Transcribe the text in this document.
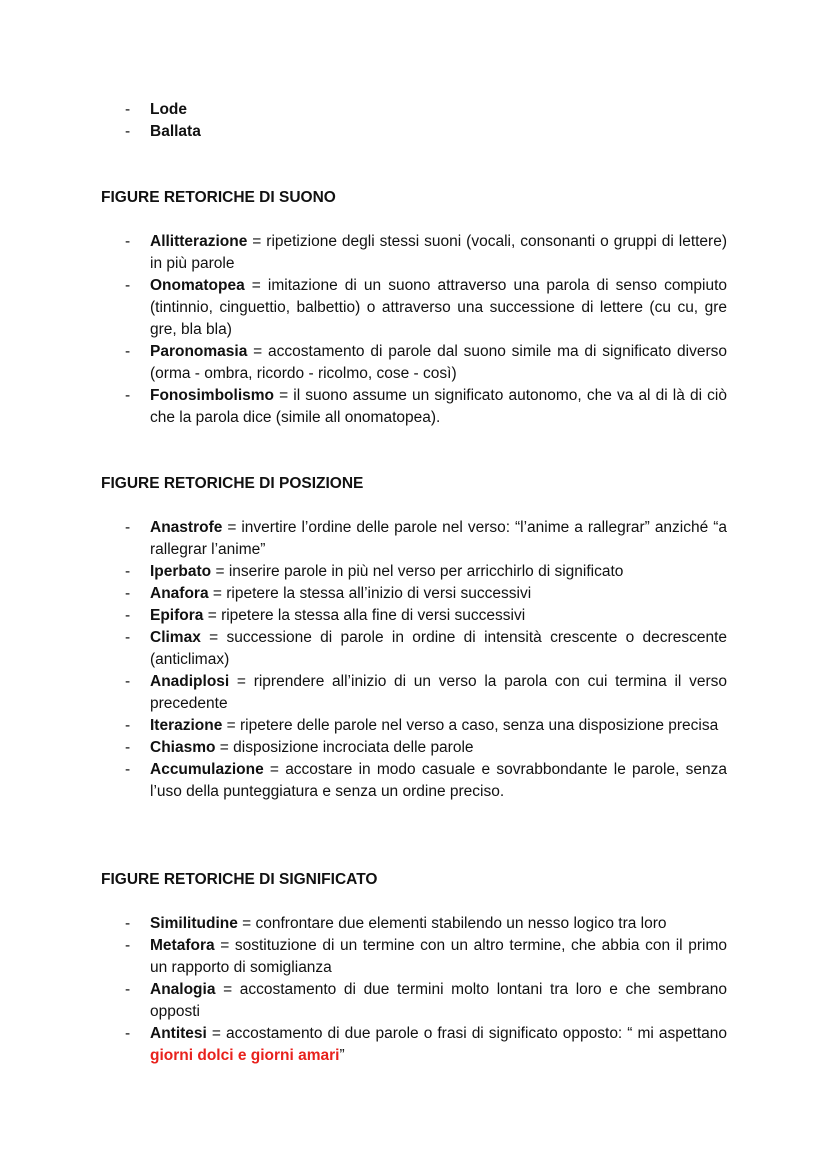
- Lode
- Ballata
FIGURE RETORICHE DI SUONO
- Allitterazione = ripetizione degli stessi suoni (vocali, consonanti o gruppi di lettere) in più parole
- Onomatopea = imitazione di un suono attraverso una parola di senso compiuto (tintinnio, cinguettio, balbettio) o attraverso una successione di lettere (cu cu, gre gre, bla bla)
- Paronomasia = accostamento di parole dal suono simile ma di significato diverso (orma - ombra, ricordo - ricolmo, cose - così)
- Fonosimbolismo = il suono assume un significato autonomo, che va al di là di ciò che la parola dice (simile all onomatopea).
FIGURE RETORICHE DI POSIZIONE
- Anastrofe = invertire l’ordine delle parole nel verso: “l’anime a rallegrar” anziché “a rallegrar l’anime”
- Iperbato = inserire parole in più nel verso per arricchirlo di significato
- Anafora = ripetere la stessa all’inizio di versi successivi
- Epifora = ripetere la stessa alla fine di versi successivi
- Climax = successione di parole in ordine di intensità crescente o decrescente (anticlimax)
- Anadiplosi = riprendere all’inizio di un verso la parola con cui termina il verso precedente
- Iterazione = ripetere delle parole nel verso a caso, senza una disposizione precisa
- Chiasmo = disposizione incrociata delle parole
- Accumulazione = accostare in modo casuale e sovrabbondante le parole, senza l’uso della punteggiatura e senza un ordine preciso.
FIGURE RETORICHE DI SIGNIFICATO
- Similitudine = confrontare due elementi stabilendo un nesso logico tra loro
- Metafora = sostituzione di un termine con un altro termine, che abbia con il primo un rapporto di somiglianza
- Analogia = accostamento di due termini molto lontani tra loro e che sembrano opposti
- Antitesi = accostamento di due parole o frasi di significato opposto: “ mi aspettano giorni dolci e giorni amari”
